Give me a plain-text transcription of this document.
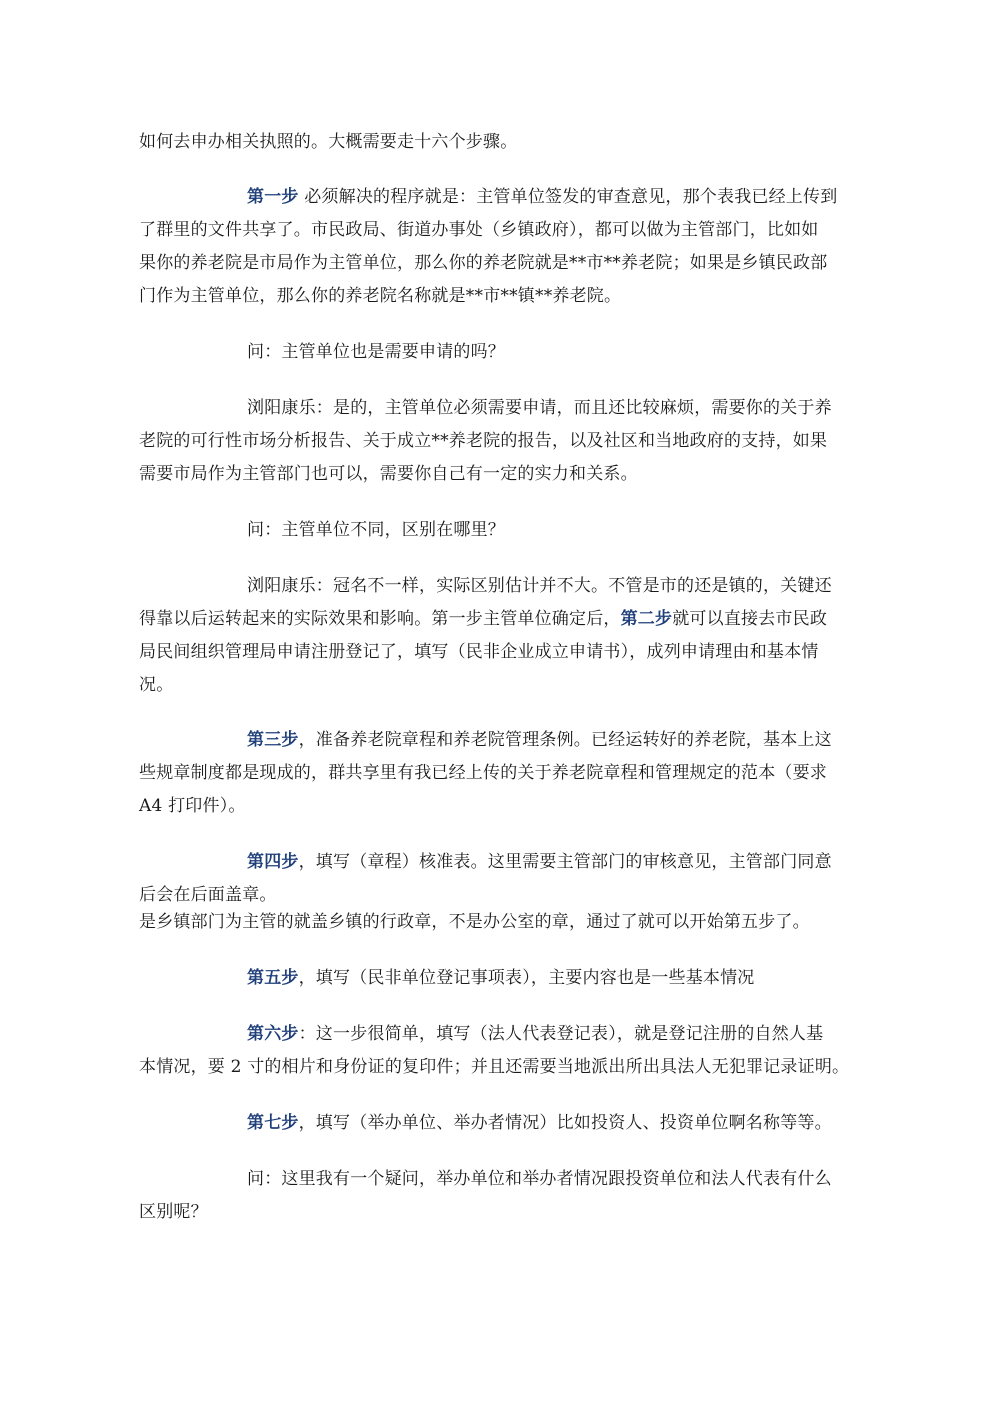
如何去申办相关执照的。大概需要走十六个步骤。
第一步 必须解决的程序就是：主管单位签发的审查意见，那个表我已经上传到
了群里的文件共享了。市民政局、街道办事处（乡镇政府），都可以做为主管部门，比如如
果你的养老院是市局作为主管单位，那么你的养老院就是**市**养老院；如果是乡镇民政部
门作为主管单位，那么你的养老院名称就是**市**镇**养老院。
问：主管单位也是需要申请的吗？
浏阳康乐：是的，主管单位必须需要申请，而且还比较麻烦，需要你的关于养
老院的可行性市场分析报告、关于成立**养老院的报告，以及社区和当地政府的支持，如果
需要市局作为主管部门也可以，需要你自己有一定的实力和关系。
问：主管单位不同，区别在哪里？
浏阳康乐：冠名不一样，实际区别估计并不大。不管是市的还是镇的，关键还
得靠以后运转起来的实际效果和影响。第一步主管单位确定后，第二步就可以直接去市民政
局民间组织管理局申请注册登记了，填写（民非企业成立申请书），成列申请理由和基本情
况。
第三步，准备养老院章程和养老院管理条例。已经运转好的养老院，基本上这
些规章制度都是现成的，群共享里有我已经上传的关于养老院章程和管理规定的范本（要求
A4 打印件）。
第四步，填写（章程）核准表。这里需要主管部门的审核意见，主管部门同意
后会在后面盖章。
是乡镇部门为主管的就盖乡镇的行政章，不是办公室的章，通过了就可以开始第五步了。
第五步，填写（民非单位登记事项表），主要内容也是一些基本情况
第六步：这一步很简单，填写（法人代表登记表），就是登记注册的自然人基
本情况，要 2 寸的相片和身份证的复印件；并且还需要当地派出所出具法人无犯罪记录证明。
第七步，填写（举办单位、举办者情况）比如投资人、投资单位啊名称等等。
问：这里我有一个疑问，举办单位和举办者情况跟投资单位和法人代表有什么
区别呢？
